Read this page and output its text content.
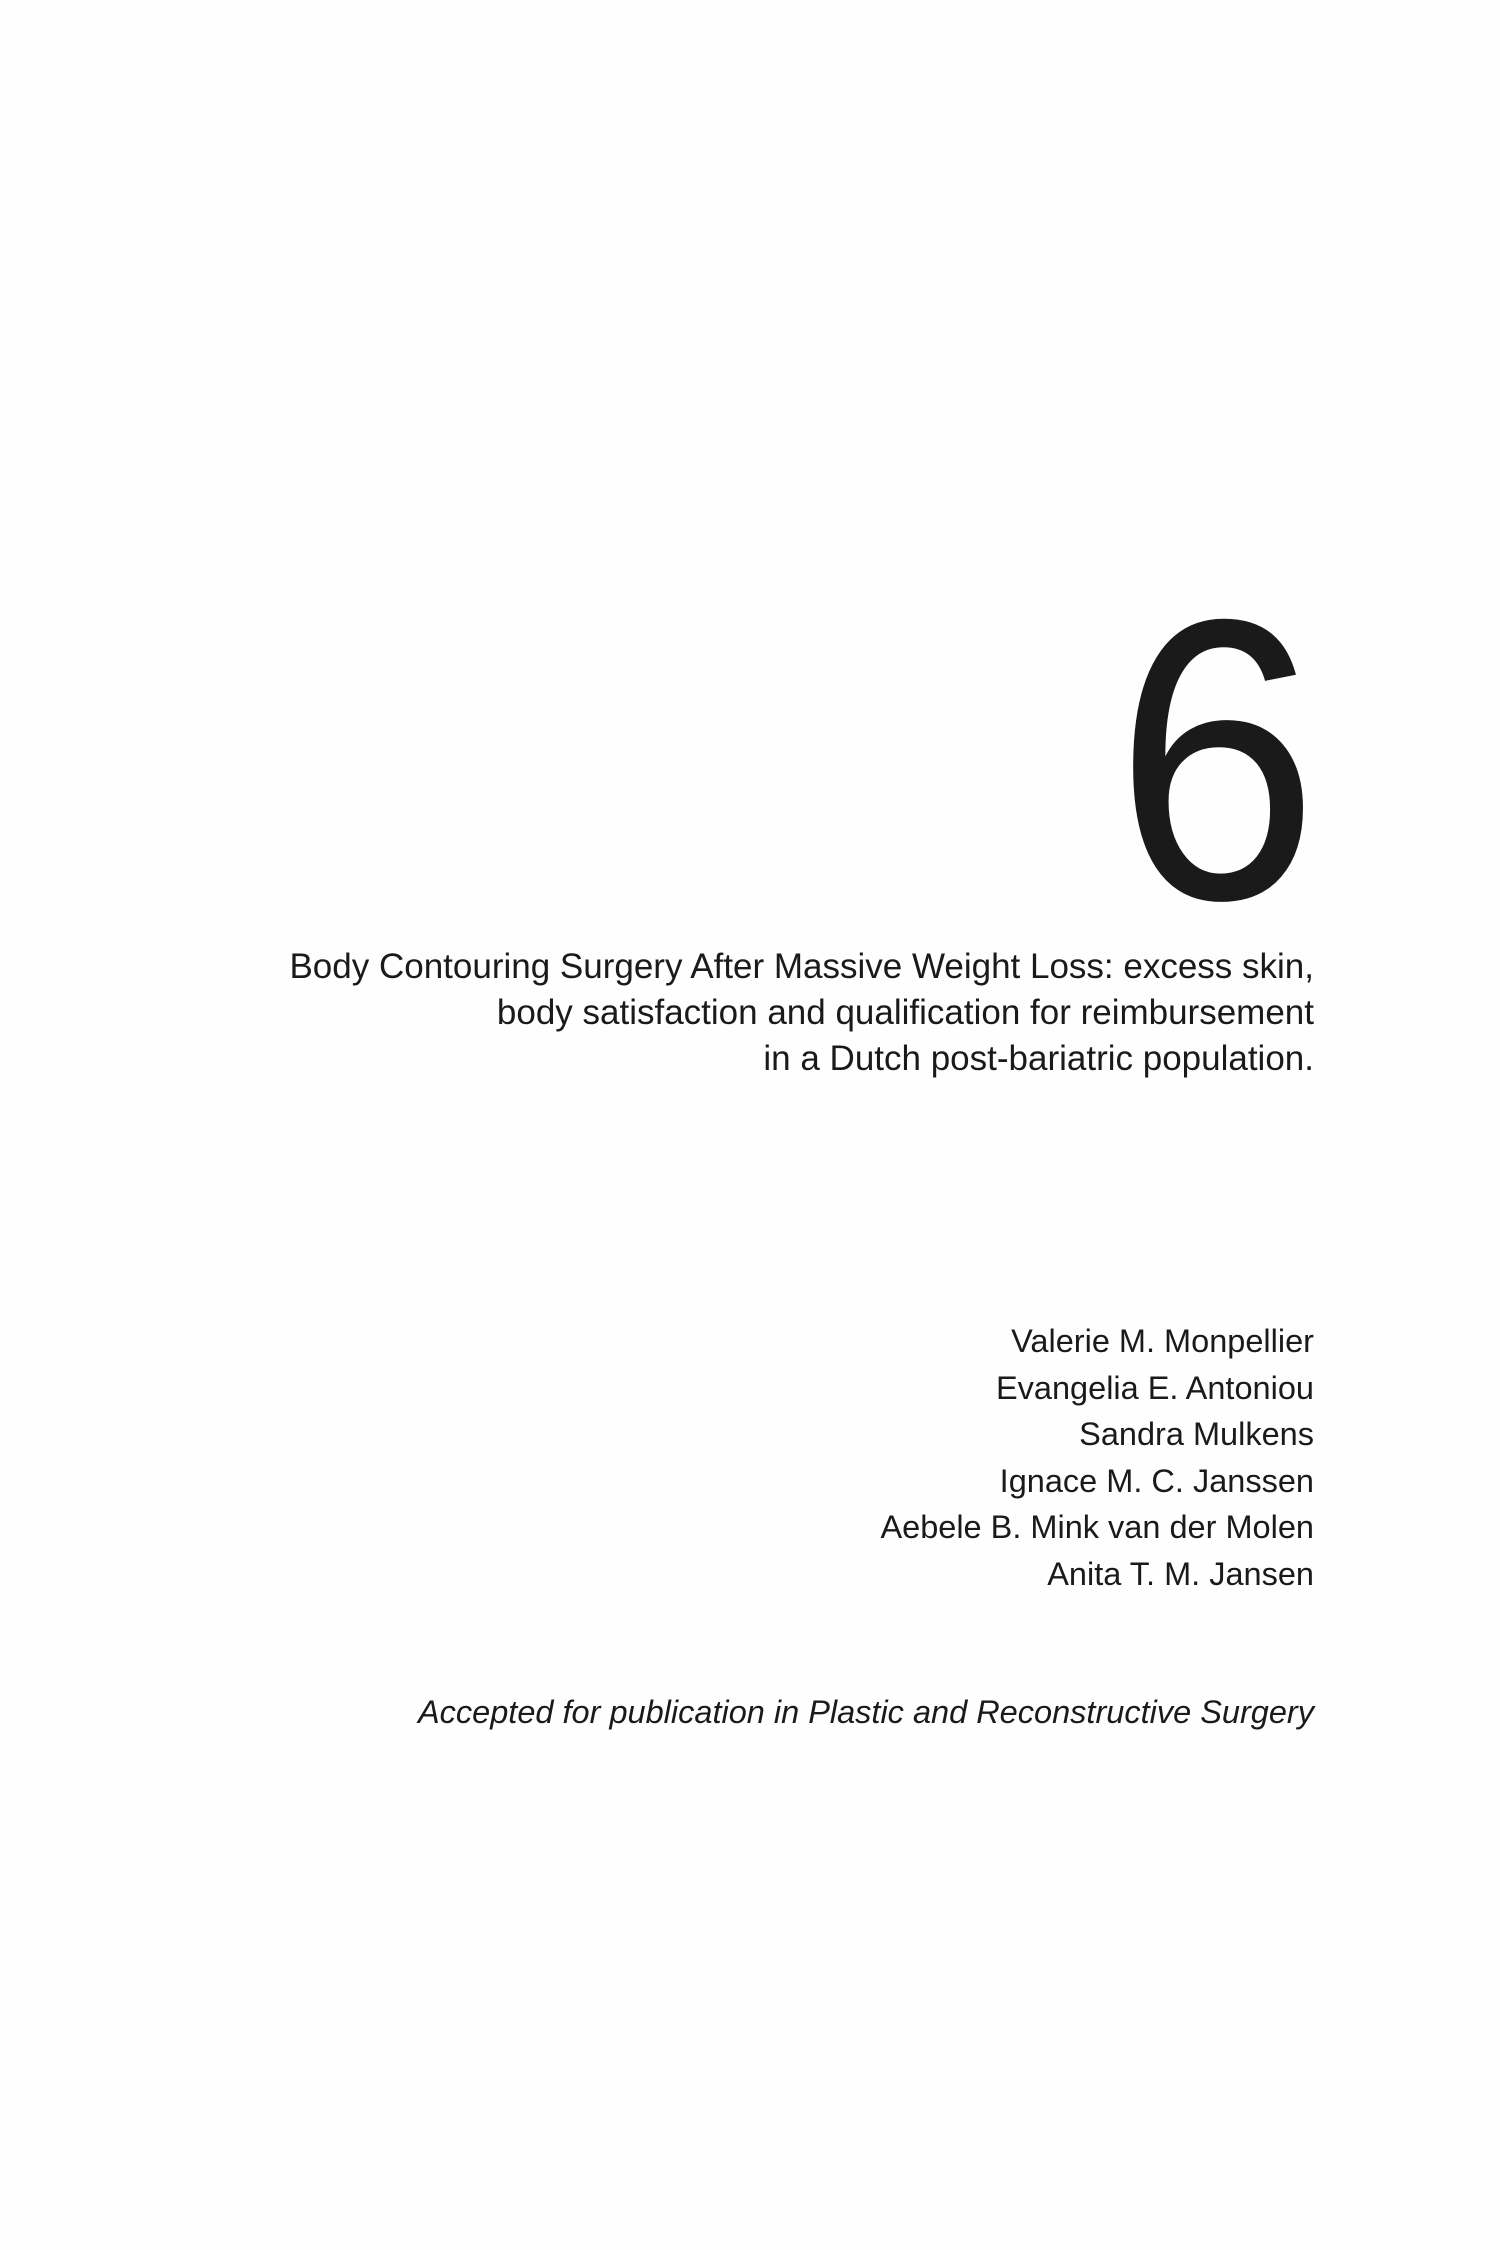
6
Body Contouring Surgery After Massive Weight Loss: excess skin,
body satisfaction and qualification for reimbursement
in a Dutch post-bariatric population.
Valerie M. Monpellier
Evangelia E. Antoniou
Sandra Mulkens
Ignace M. C. Janssen
Aebele B. Mink van der Molen
Anita T. M. Jansen

Accepted for publication in Plastic and Reconstructive Surgery
